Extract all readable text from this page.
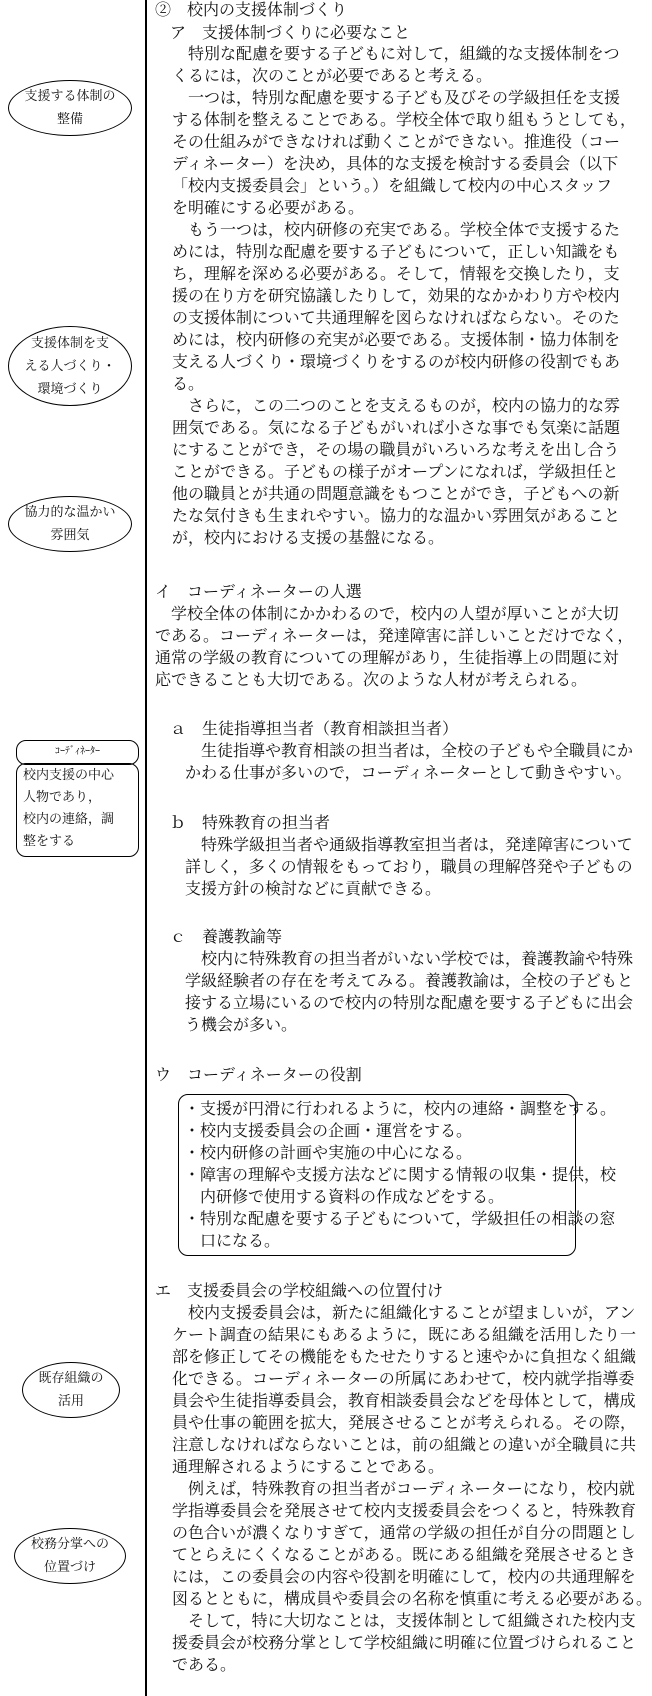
支援する体制の
整備
支援体制を支
える人づくり・
環境づくり
協力的な温かい
雰囲気
ｺｰﾃﾞｨﾈｰﾀｰ
校内支援の中心
人物であり，
校内の連絡，調
整をする
既存組織の
活用
校務分掌への
位置づけ
②　校内の支援体制づくり
ア　支援体制づくりに必要なこと
　特別な配慮を要する子どもに対して，組織的な支援体制をつ
くるには，次のことが必要であると考える。
　一つは，特別な配慮を要する子ども及びその学級担任を支援
する体制を整えることである。学校全体で取り組もうとしても，
その仕組みができなければ動くことができない。推進役（コー
ディネーター）を決め，具体的な支援を検討する委員会（以下
「校内支援委員会」という。）を組織して校内の中心スタッフ
を明確にする必要がある。
　もう一つは，校内研修の充実である。学校全体で支援するた
めには，特別な配慮を要する子どもについて，正しい知識をも
ち，理解を深める必要がある。そして，情報を交換したり，支
援の在り方を研究協議したりして，効果的なかかわり方や校内
の支援体制について共通理解を図らなければならない。そのた
めには，校内研修の充実が必要である。支援体制・協力体制を
支える人づくり・環境づくりをするのが校内研修の役割でもあ
る。
　さらに，この二つのことを支えるものが，校内の協力的な雰
囲気である。気になる子どもがいれば小さな事でも気楽に話題
にすることができ，その場の職員がいろいろな考えを出し合う
ことができる。子どもの様子がオープンになれば，学級担任と
他の職員とが共通の問題意識をもつことができ，子どもへの新
たな気付きも生まれやすい。協力的な温かい雰囲気があること
が，校内における支援の基盤になる。
イ　コーディネーターの人選
　学校全体の体制にかかわるので，校内の人望が厚いことが大切
である。コーディネーターは，発達障害に詳しいことだけでなく，
通常の学級の教育についての理解があり，生徒指導上の問題に対
応できることも大切である。次のような人材が考えられる。
ａ　生徒指導担当者（教育相談担当者）
　生徒指導や教育相談の担当者は，全校の子どもや全職員にか
かわる仕事が多いので，コーディネーターとして動きやすい。
ｂ　特殊教育の担当者
　特殊学級担当者や通級指導教室担当者は，発達障害について
詳しく，多くの情報をもっており，職員の理解啓発や子どもの
支援方針の検討などに貢献できる。
ｃ　養護教諭等
　校内に特殊教育の担当者がいない学校では，養護教諭や特殊
学級経験者の存在を考えてみる。養護教諭は，全校の子どもと
接する立場にいるので校内の特別な配慮を要する子どもに出会
う機会が多い。
ウ　コーディネーターの役割
・支援が円滑に行われるように，校内の連絡・調整をする。
・校内支援委員会の企画・運営をする。
・校内研修の計画や実施の中心になる。
・障害の理解や支援方法などに関する情報の収集・提供，校
　内研修で使用する資料の作成などをする。
・特別な配慮を要する子どもについて，学級担任の相談の窓
　口になる。
エ　支援委員会の学校組織への位置付け
　校内支援委員会は，新たに組織化することが望ましいが，アン
ケート調査の結果にもあるように，既にある組織を活用したり一
部を修正してその機能をもたせたりすると速やかに負担なく組織
化できる。コーディネーターの所属にあわせて，校内就学指導委
員会や生徒指導委員会，教育相談委員会などを母体として，構成
員や仕事の範囲を拡大，発展させることが考えられる。その際，
注意しなければならないことは，前の組織との違いが全職員に共
通理解されるようにすることである。
　例えば，特殊教育の担当者がコーディネーターになり，校内就
学指導委員会を発展させて校内支援委員会をつくると，特殊教育
の色合いが濃くなりすぎて，通常の学級の担任が自分の問題とし
てとらえにくくなることがある。既にある組織を発展させるとき
には，この委員会の内容や役割を明確にして，校内の共通理解を
図るとともに，構成員や委員会の名称を慎重に考える必要がある。
　そして，特に大切なことは，支援体制として組織された校内支
援委員会が校務分掌として学校組織に明確に位置づけられること
である。
